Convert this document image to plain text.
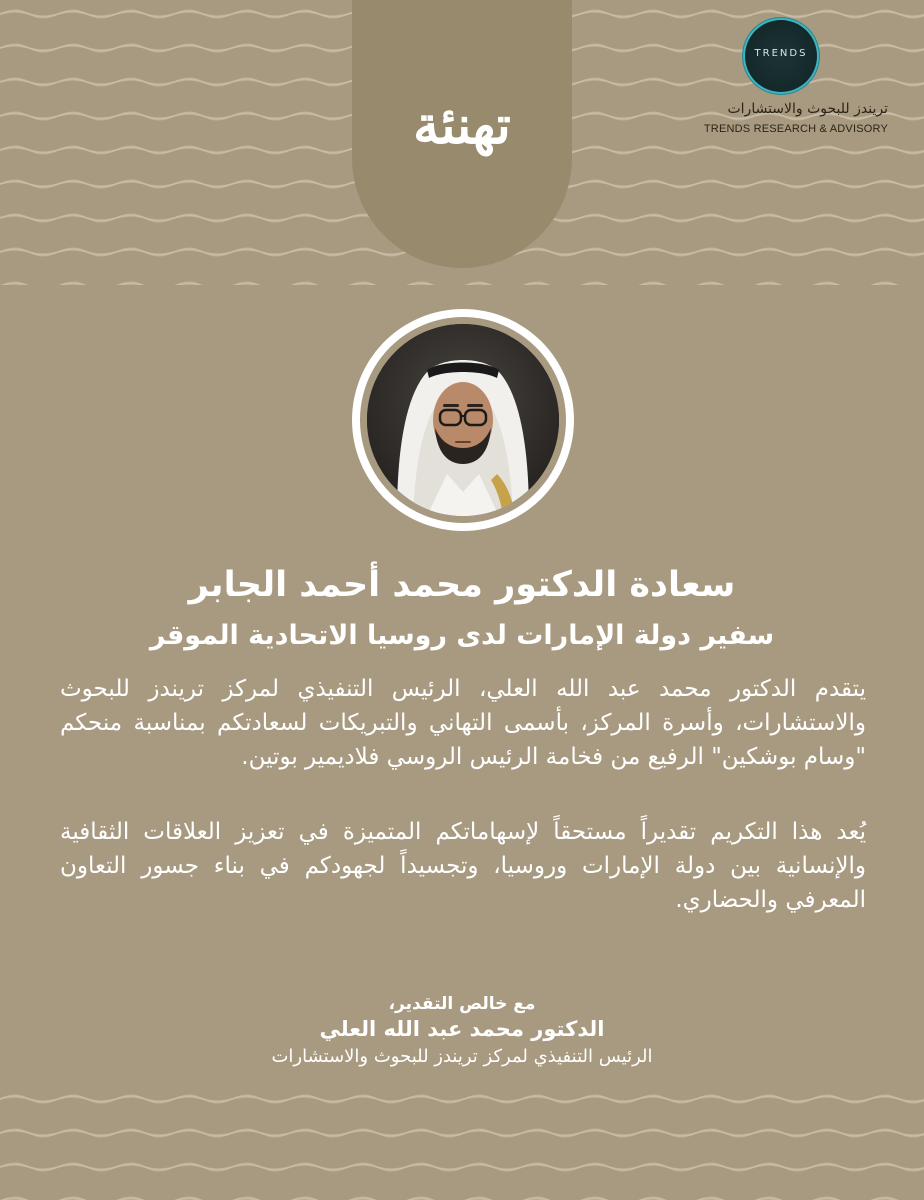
تهنئة
TRENDS
تريندز للبحوث والاستشارات
TRENDS RESEARCH & ADVISORY
سعادة الدكتور محمد أحمد الجابر
سفير دولة الإمارات لدى روسيا الاتحادية الموقر
يتقدم الدكتور محمد عبد الله العلي، الرئيس التنفيذي لمركز تريندز للبحوث والاستشارات، وأسرة المركز، بأسمى التهاني والتبريكات لسعادتكم بمناسبة منحكم "وسام بوشكين" الرفيع من فخامة الرئيس الروسي فلاديمير بوتين.
يُعد هذا التكريم تقديراً مستحقاً لإسهاماتكم المتميزة في تعزيز العلاقات الثقافية والإنسانية بين دولة الإمارات وروسيا، وتجسيداً لجهودكم في بناء جسور التعاون المعرفي والحضاري.
مع خالص التقدير،
الدكتور محمد عبد الله العلي
الرئيس التنفيذي لمركز تريندز للبحوث والاستشارات
